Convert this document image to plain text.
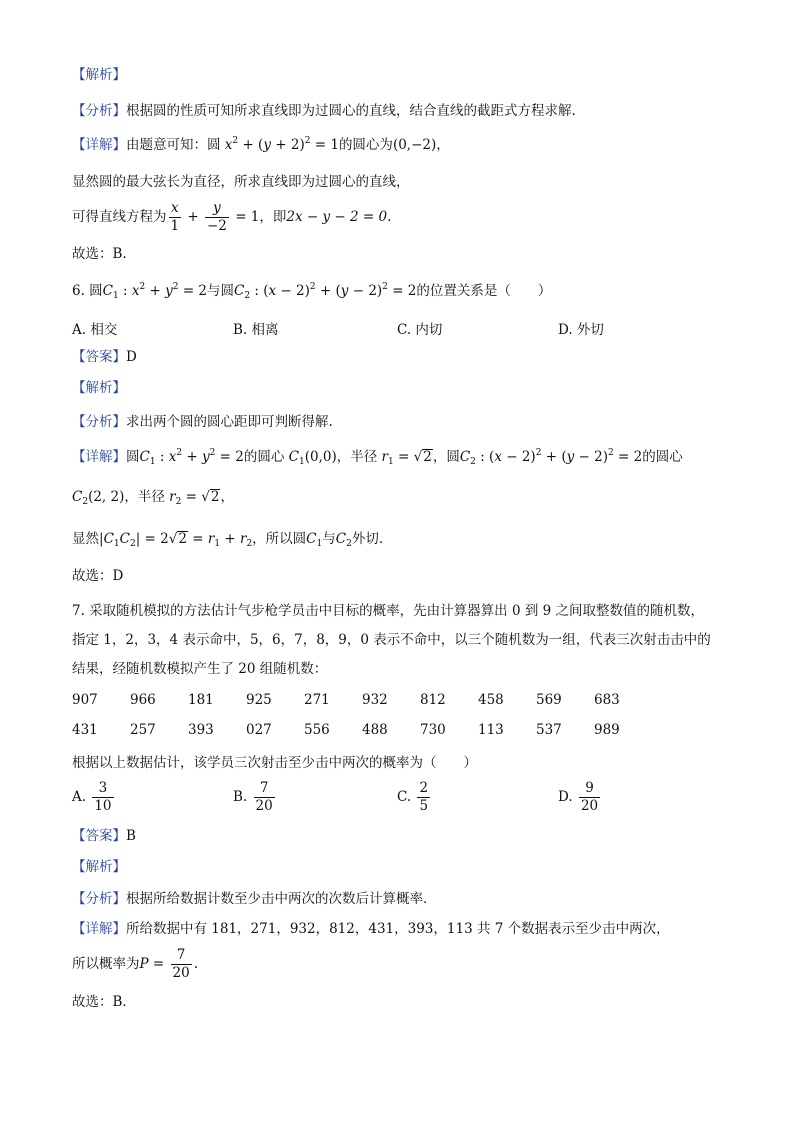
【解析】
【分析】根据圆的性质可知所求直线即为过圆心的直线，结合直线的截距式方程求解.
【详解】由题意可知：圆 $x^2 + (y + 2)^2 = 1$的圆心为(0,−2)，
显然圆的最大弦长为直径，所求直线即为过圆心的直线，
可得直线方程为 $\frac{x}{1} + \frac{y}{-2} = 1$，即2x − y − 2 = 0.
故选：B.
6. 圆$C_1$ : $x^2 + y^2 = 2$与圆$C_2$ : $(x - 2)^2 + (y - 2)^2 = 2$的位置关系是（　　）
A. 相交	B. 相离	C. 内切	D. 外切
【答案】D
【解析】
【分析】求出两个圆的圆心距即可判断得解.
【详解】圆$C_1$ : $x^2 + y^2 = 2$的圆心 $C_1(0,0)$，半径 $r_1 = √2$，圆$C_2$ : $(x - 2)^2 + (y - 2)^2 = 2$的圆心
$C_2(2$, 2)，半径 $r_2 = √2$，
显然$|C_1C_2| = 2√2 = r_1 + r_2$，所以圆$C_1$与$C_2$外切.
故选：D
7. 采取随机模拟的方法估计气步枪学员击中目标的概率，先由计算器算出 0 到 9 之间取整数值的随机数，
指定 1，2，3，4 表示命中，5，6，7，8，9，0 表示不命中，以三个随机数为一组，代表三次射击击中的
结果，经随机数模拟产生了 20 组随机数：
907 966 181 925 271 932 812 458 569 683
431 257 393 027 556 488 730 113 537 989
根据以上数据估计，该学员三次射击至少击中两次的概率为（　　）
A. $\frac{3}{10}$	B. $\frac{7}{20}$	C. $\frac{2}{5}$	D. $\frac{9}{20}$
【答案】B
【解析】
【分析】根据所给数据计数至少击中两次的次数后计算概率．
【详解】所给数据中有 181，271，932，812，431，393，113 共 7 个数据表示至少击中两次，
所以概率为$P = \frac{7}{20}$ .
故选：B．
